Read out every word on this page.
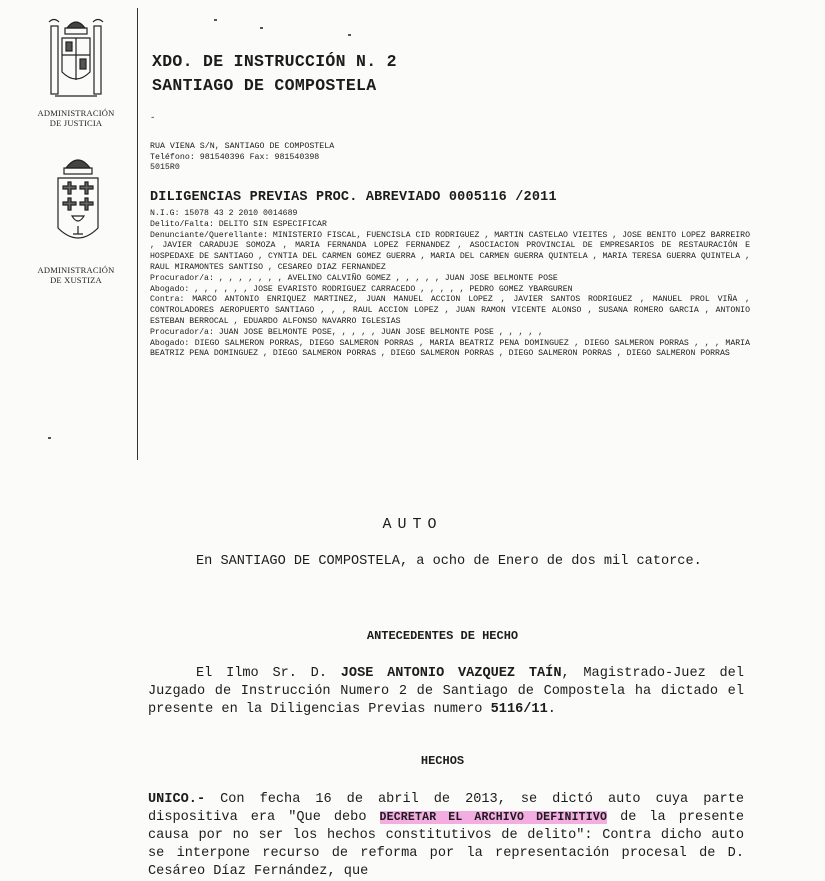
ADMINISTRACIÓN
DE JUSTICIA
ADMINISTRACIÓN
DE XUSTIZA
XDO. DE INSTRUCCIÓN N. 2
SANTIAGO DE COMPOSTELA
-
RUA VIENA S/N, SANTIAGO DE COMPOSTELA
Teléfono: 981540396 Fax: 981540398
5015R0
DILIGENCIAS PREVIAS PROC. ABREVIADO 0005116 /2011

N.I.G: 15078 43 2 2010 0014689

Delito/Falta: DELITO SIN ESPECIFICAR

Denunciante/Querellante: MINISTERIO FISCAL, FUENCISLA CID RODRIGUEZ , MARTIN CASTELAO VIEITES , JOSE BENITO LOPEZ BARREIRO , JAVIER CARADUJE SOMOZA , MARIA FERNANDA LOPEZ FERNANDEZ , ASOCIACION PROVINCIAL DE EMPRESARIOS DE RESTAURACIÓN E HOSPEDAXE DE SANTIAGO , CYNTIA DEL CARMEN GOMEZ GUERRA , MARIA DEL CARMEN GUERRA QUINTELA , MARIA TERESA GUERRA QUINTELA , RAUL MIRAMONTES SANTISO , CESAREO DIAZ FERNANDEZ

Procurador/a: , , , , , , , AVELINO CALVIÑO GOMEZ , , , , , JUAN JOSE BELMONTE POSE

Abogado: , , , , , , JOSE EVARISTO RODRIGUEZ CARRACEDO , , , , , PEDRO GOMEZ YBARGUREN

Contra: MARCO ANTONIO ENRIQUEZ MARTINEZ, JUAN MANUEL ACCION LOPEZ , JAVIER SANTOS RODRIGUEZ , MANUEL PROL VIÑA , CONTROLADORES AEROPUERTO SANTIAGO , , , RAUL ACCION LOPEZ , JUAN RAMON VICENTE ALONSO , SUSANA ROMERO GARCIA , ANTONIO ESTEBAN BERROCAL , EDUARDO ALFONSO NAVARRO IGLESIAS

Procurador/a: JUAN JOSE BELMONTE POSE, , , , , JUAN JOSE BELMONTE POSE , , , , ,

Abogado: DIEGO SALMERON PORRAS, DIEGO SALMERON PORRAS , MARIA BEATRIZ PENA DOMINGUEZ , DIEGO SALMERON PORRAS , , , MARIA BEATRIZ PENA DOMINGUEZ , DIEGO SALMERON PORRAS , DIEGO SALMERON PORRAS , DIEGO SALMERON PORRAS , DIEGO SALMERON PORRAS

AUTO
En SANTIAGO DE COMPOSTELA, a ocho de Enero de dos mil catorce.
ANTECEDENTES DE HECHO
El Ilmo Sr. D. JOSE ANTONIO VAZQUEZ TAÍN, Magistrado-Juez del Juzgado de Instrucción Numero 2 de Santiago de Compostela ha dictado el presente en la Diligencias Previas numero 5116/11.
HECHOS
UNICO.- Con fecha 16 de abril de 2013, se dictó auto cuya parte dispositiva era "Que debo DECRETAR EL ARCHIVO DEFINITIVO de la presente causa por no ser los hechos constitutivos de delito": Contra dicho auto se interpone recurso de reforma por la representación procesal de D. Cesáreo Díaz Fernández, que
